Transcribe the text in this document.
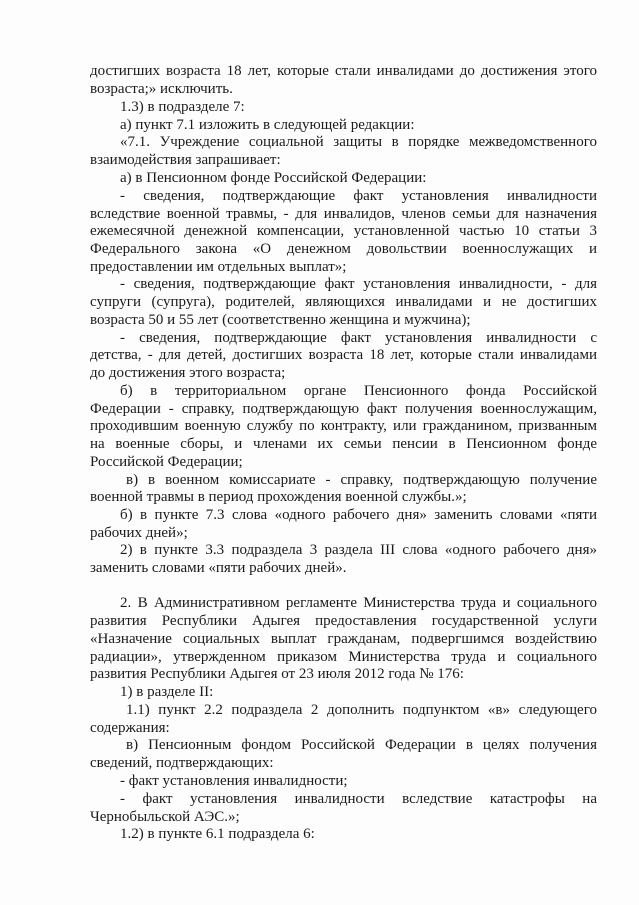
достигших возраста 18 лет, которые стали инвалидами до достижения этого
возраста;» исключить.
1.3) в подразделе 7:
а) пункт 7.1 изложить в следующей редакции:
«7.1. Учреждение социальной защиты в порядке межведомственного
взаимодействия запрашивает:
а) в Пенсионном фонде Российской Федерации:
- сведения, подтверждающие факт установления инвалидности
вследствие военной травмы, - для инвалидов, членов семьи для назначения
ежемесячной денежной компенсации, установленной частью 10 статьи 3
Федерального закона «О денежном довольствии военнослужащих и
предоставлении им отдельных выплат»;
- сведения, подтверждающие факт установления инвалидности, - для
супруги (супруга), родителей, являющихся инвалидами и не достигших
возраста 50 и 55 лет (соответственно женщина и мужчина);
- сведения, подтверждающие факт установления инвалидности с
детства, - для детей, достигших возраста 18 лет, которые стали инвалидами
до достижения этого возраста;
б) в территориальном органе Пенсионного фонда Российской
Федерации - справку, подтверждающую факт получения военнослужащим,
проходившим военную службу по контракту, или гражданином, призванным
на военные сборы, и членами их семьи пенсии в Пенсионном фонде
Российской Федерации;
в) в военном комиссариате - справку, подтверждающую получение
военной травмы в период прохождения военной службы.»;
б) в пункте 7.3 слова «одного рабочего дня» заменить словами «пяти
рабочих дней»;
2) в пункте 3.3 подраздела 3 раздела III слова «одного рабочего дня»
заменить словами «пяти рабочих дней».
2. В Административном регламенте Министерства труда и социального
развития Республики Адыгея предоставления государственной услуги
«Назначение социальных выплат гражданам, подвергшимся воздействию
радиации», утвержденном приказом Министерства труда и социального
развития Республики Адыгея от 23 июля 2012 года № 176:
1) в разделе II:
1.1) пункт 2.2 подраздела 2 дополнить подпунктом «в» следующего
содержания:
в) Пенсионным фондом Российской Федерации в целях получения
сведений, подтверждающих:
- факт установления инвалидности;
- факт установления инвалидности вследствие катастрофы на
Чернобыльской АЭС.»;
1.2) в пункте 6.1 подраздела 6:
